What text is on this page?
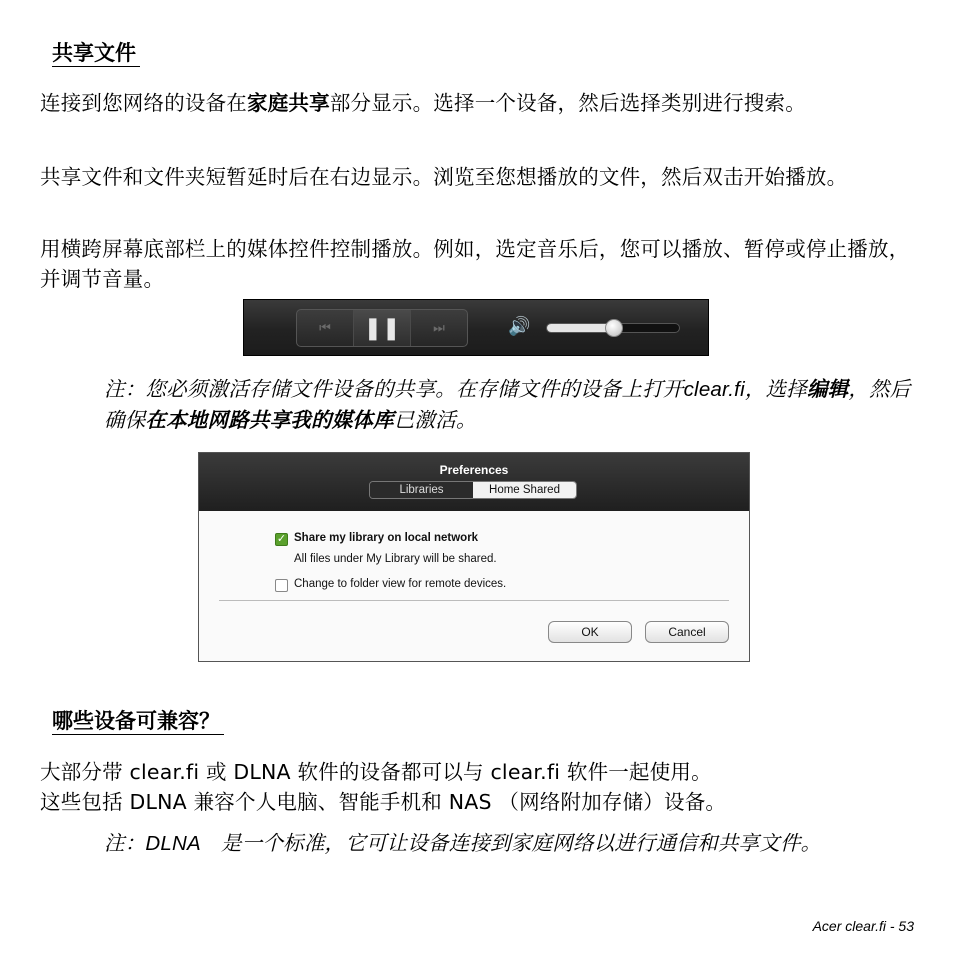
共享文件

连接到您网络的设备在家庭共享部分显示。选择一个设备，然后选择类别进行搜索。

共享文件和文件夹短暂延时后在右边显示。浏览至您想播放的文件，然后双击开始播放。

用横跨屏幕底部栏上的媒体控件控制播放。例如，选定音乐后，您可以播放、暂停或停止播放，并调节音量。

⏮	❚❚	⏭	🔊

注：您必须激活存储文件设备的共享。在存储文件的设备上打开clear.fi，选择编辑，然后确保在本地网路共享我的媒体库已激活。

Preferences
Libraries	Home Shared
✓ Share my library on local network
All files under My Library will be shared.
Change to folder view for remote devices.
OK	Cancel
哪些设备可兼容？

大部分带 clear.fi 或 DLNA 软件的设备都可以与 clear.fi 软件一起使用。

这些包括 DLNA 兼容个人电脑、智能手机和 NAS （网络附加存储）设备。

注：DLNA 是一个标准，它可让设备连接到家庭网络以进行通信和共享文件。

Acer clear.fi - 53
